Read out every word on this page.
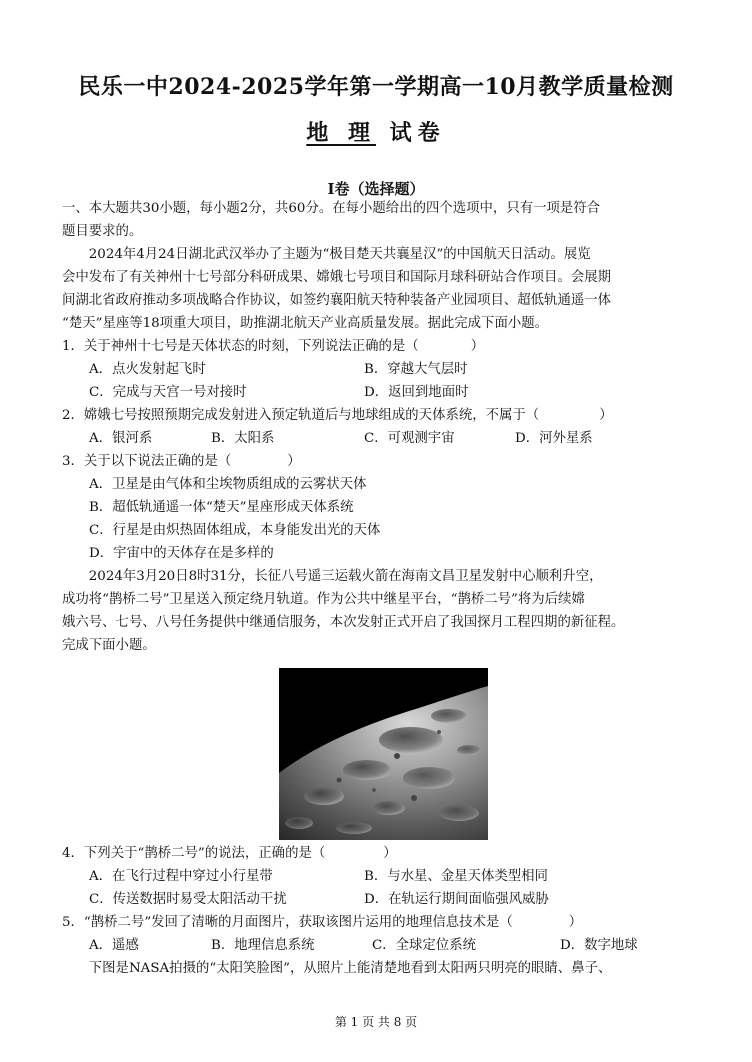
民乐一中2024-2025学年第一学期高一10月教学质量检测
地 理 试卷
Ⅰ卷（选择题）
一、本大题共30小题，每小题2分，共60分。在每小题给出的四个选项中，只有一项是符合
题目要求的。
　　2024年4月24日湖北武汉举办了主题为“极目楚天共襄星汉”的中国航天日活动。展览
会中发布了有关神州十七号部分科研成果、嫦娥七号项目和国际月球科研站合作项目。会展期
间湖北省政府推动多项战略合作协议，如签约襄阳航天特种装备产业园项目、超低轨通遥一体
“楚天”星座等18项重大项目，助推湖北航天产业高质量发展。据此完成下面小题。
1．关于神州十七号是天体状态的时刻，下列说法正确的是（	）
A．点火发射起飞时	B．穿越大气层时
C．完成与天宫一号对接时	D．返回到地面时
2．嫦娥七号按照预期完成发射进入预定轨道后与地球组成的天体系统，不属于（	）
A．银河系	B．太阳系	C．可观测宇宙	D．河外星系
3．关于以下说法正确的是（	）
A．卫星是由气体和尘埃物质组成的云雾状天体
B．超低轨通遥一体“楚天”星座形成天体系统
C．行星是由炽热固体组成，本身能发出光的天体
D．宇宙中的天体存在是多样的
　　2024年3月20日8时31分，长征八号遥三运载火箭在海南文昌卫星发射中心顺利升空，
成功将“鹊桥二号”卫星送入预定绕月轨道。作为公共中继星平台，“鹊桥二号”将为后续嫦
娥六号、七号、八号任务提供中继通信服务，本次发射正式开启了我国探月工程四期的新征程。
完成下面小题。
4．下列关于“鹊桥二号”的说法，正确的是（	）
A．在飞行过程中穿过小行星带	B．与水星、金星天体类型相同
C．传送数据时易受太阳活动干扰	D．在轨运行期间面临强风威胁
5．“鹊桥二号”发回了清晰的月面图片，获取该图片运用的地理信息技术是（	）
A．遥感	B．地理信息系统	C．全球定位系统	D．数字地球
　　下图是NASA拍摄的“太阳笑脸图”，从照片上能清楚地看到太阳两只明亮的眼睛、鼻子、
第 1 页 共 8 页
